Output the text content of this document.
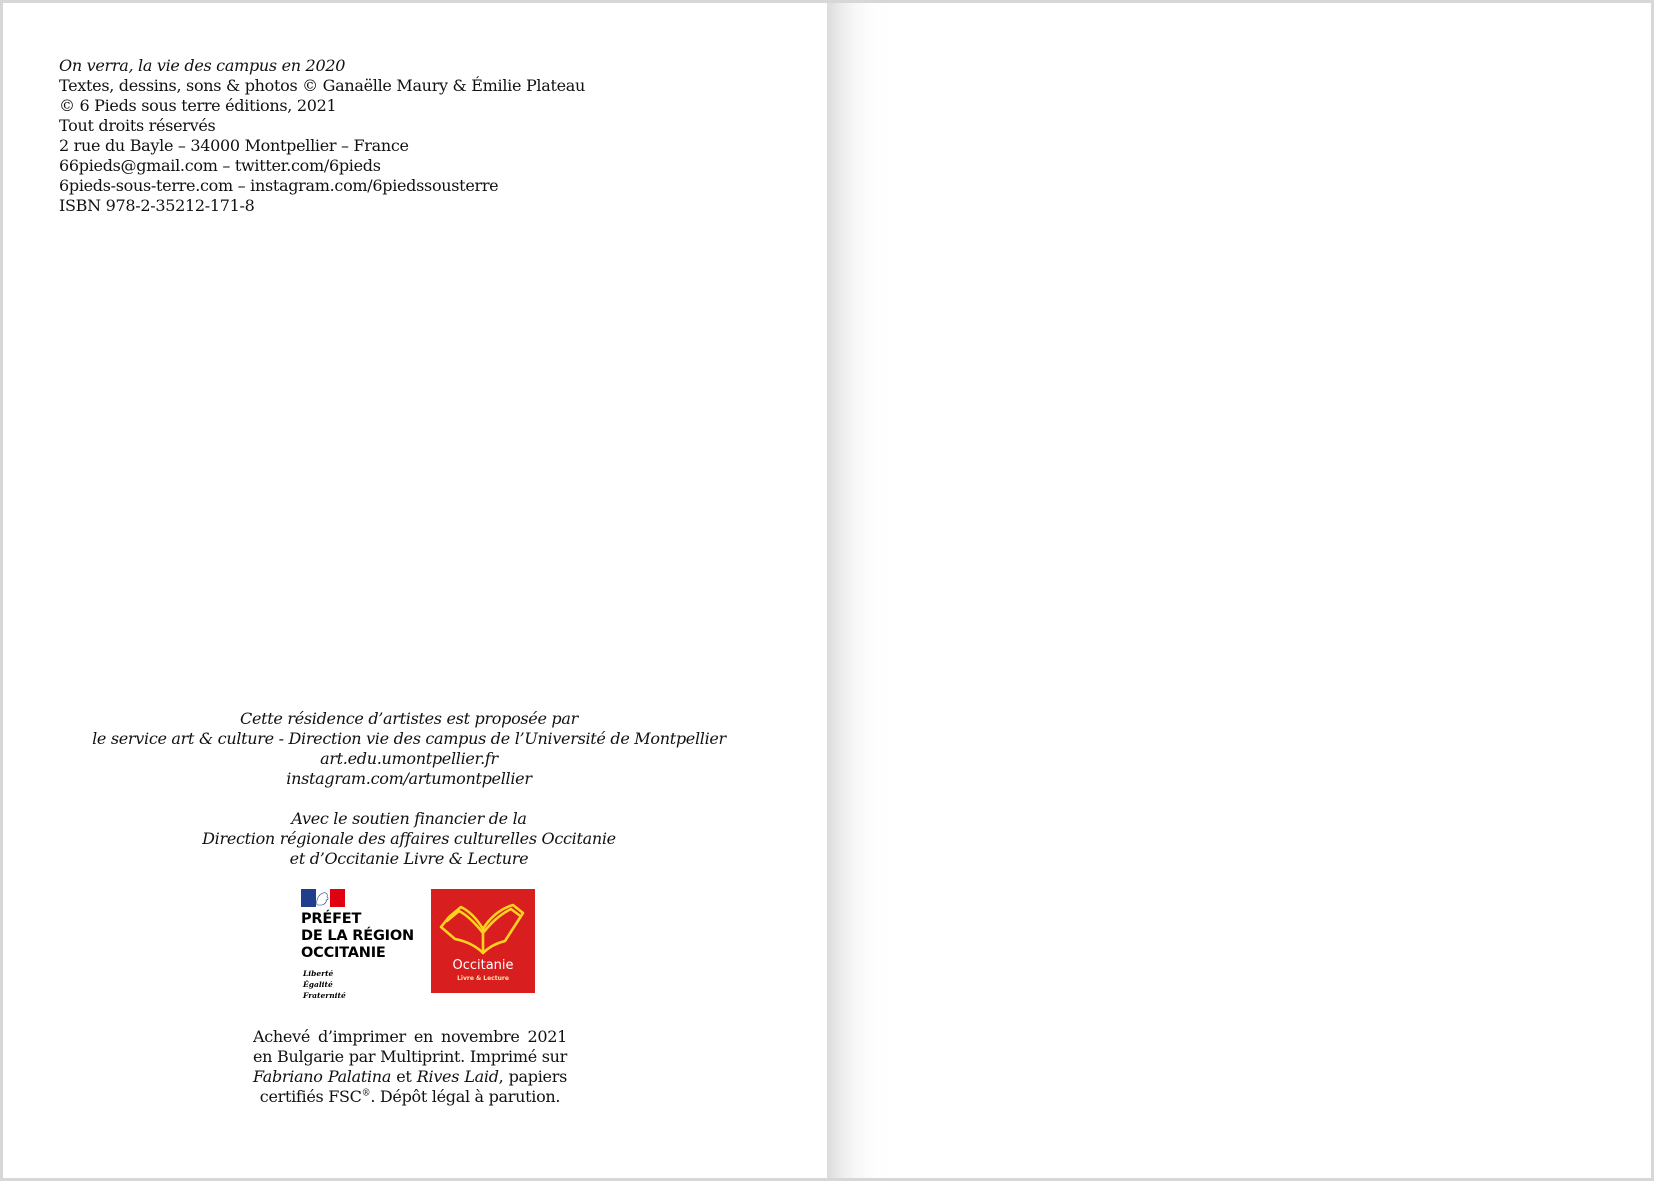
On verra, la vie des campus en 2020
Textes, dessins, sons & photos © Ganaëlle Maury & Émilie Plateau
© 6 Pieds sous terre éditions, 2021
Tout droits réservés
2 rue du Bayle – 34000 Montpellier – France
66pieds@gmail.com – twitter.com/6pieds
6pieds-sous-terre.com – instagram.com/6piedssousterre
ISBN 978-2-35212-171-8
Cette résidence d’artistes est proposée par
le service art & culture - Direction vie des campus de l’Université de Montpellier
art.edu.umontpellier.fr
instagram.com/artumontpellier
Avec le soutien financier de la
Direction régionale des affaires culturelles Occitanie
et d’Occitanie Livre & Lecture
PRÉFET
DE LA RÉGION
OCCITANIE
Liberté
Égalité
Fraternité
Occitanie
Livre & Lecture
Achevé d’imprimer en novembre 2021
en Bulgarie par Multiprint. Imprimé sur
Fabriano Palatina et Rives Laid, papiers
certifiés FSC®. Dépôt légal à parution.
